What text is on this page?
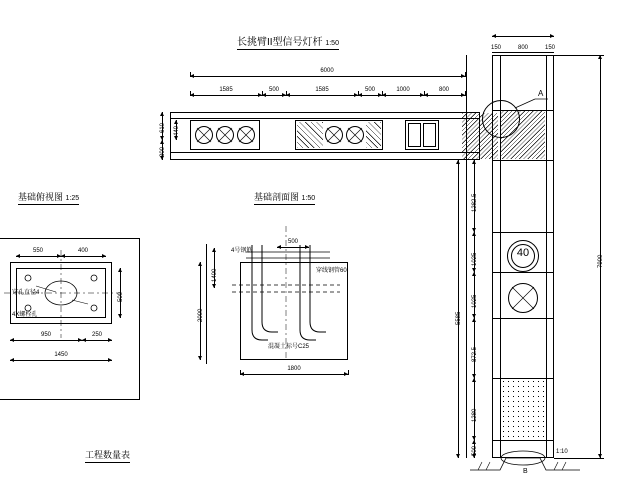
长挑臂II型信号灯杆 1:50
基础俯视图 1:25	基础剖面图 1:50
工程数量表
6000
1585	500	1585	500	1000	800
610 440
300
A
150	800	150
40
1:10
B
1282.5
1025
1025
872.5
1280
500
5585
7900
500
4号钢筋
穿线钢管60
混凝土标号C25
1400
2000
1800
550	400
500
950	250
1450
穿孔直径4
4X螺栓孔
